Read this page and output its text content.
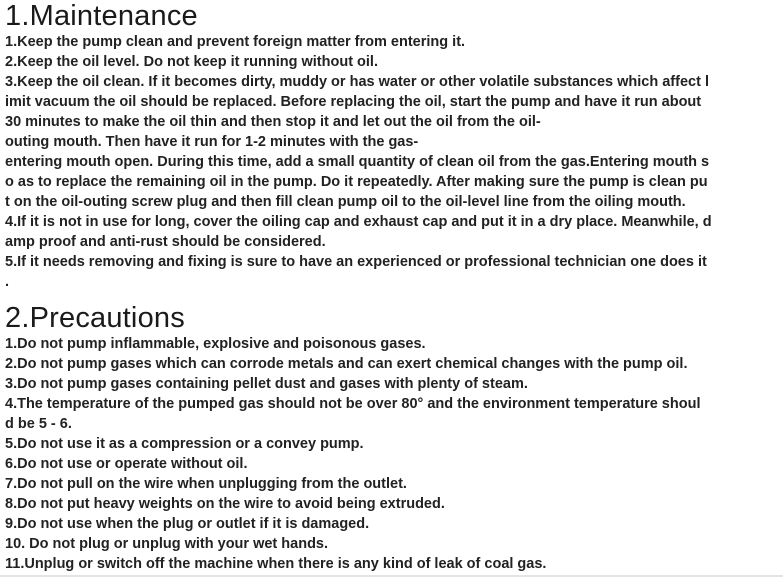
1.Maintenance
1.Keep the pump clean and prevent foreign matter from entering it.
2.Keep the oil level. Do not keep it running without oil.
3.Keep the oil clean. If it becomes dirty, muddy or has water or other volatile substances which affect l
imit vacuum the oil should be replaced. Before replacing the oil, start the pump and have it run about
30 minutes to make the oil thin and then stop it and let out the oil from the oil-
outing mouth. Then have it run for 1-2 minutes with the gas-
entering mouth open. During this time, add a small quantity of clean oil from the gas.Entering mouth s
o as to replace the remaining oil in the pump. Do it repeatedly. After making sure the pump is clean pu
t on the oil-outing screw plug and then fill clean pump oil to the oil-level line from the oiling mouth.
4.If it is not in use for long, cover the oiling cap and exhaust cap and put it in a dry place. Meanwhile, d
amp proof and anti-rust should be considered.
5.If it needs removing and fixing is sure to have an experienced or professional technician one does it
.
2.Precautions
1.Do not pump inflammable, explosive and poisonous gases.
2.Do not pump gases which can corrode metals and can exert chemical changes with the pump oil.
3.Do not pump gases containing pellet dust and gases with plenty of steam.
4.The temperature of the pumped gas should not be over 80° and the environment temperature shoul
d be 5 - 6.
5.Do not use it as a compression or a convey pump.
6.Do not use or operate without oil.
7.Do not pull on the wire when unplugging from the outlet.
8.Do not put heavy weights on the wire to avoid being extruded.
9.Do not use when the plug or outlet if it is damaged.
10. Do not plug or unplug with your wet hands.
11.Unplug or switch off the machine when there is any kind of leak of coal gas.
